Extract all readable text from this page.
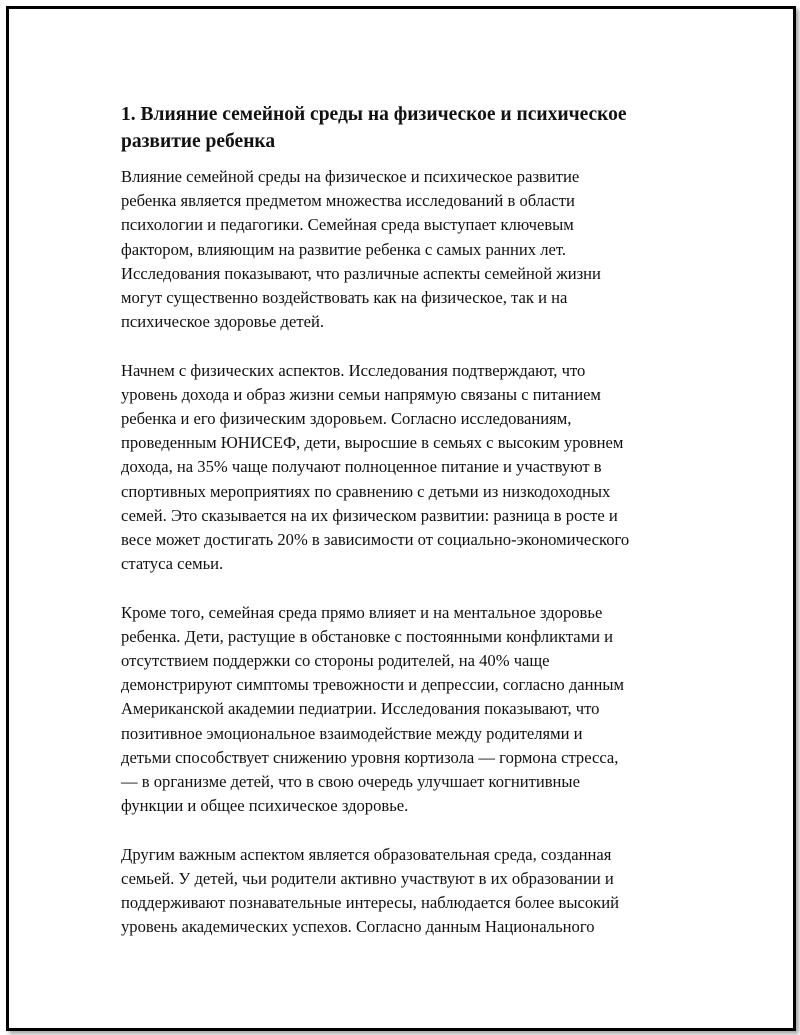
1. Влияние семейной среды на физическое и психическое
развитие ребенка

Влияние семейной среды на физическое и психическое развитие
ребенка является предметом множества исследований в области
психологии и педагогики. Семейная среда выступает ключевым
фактором, влияющим на развитие ребенка с самых ранних лет.
Исследования показывают, что различные аспекты семейной жизни
могут существенно воздействовать как на физическое, так и на
психическое здоровье детей.

Начнем с физических аспектов. Исследования подтверждают, что
уровень дохода и образ жизни семьи напрямую связаны с питанием
ребенка и его физическим здоровьем. Согласно исследованиям,
проведенным ЮНИСЕФ, дети, выросшие в семьях с высоким уровнем
дохода, на 35% чаще получают полноценное питание и участвуют в
спортивных мероприятиях по сравнению с детьми из низкодоходных
семей. Это сказывается на их физическом развитии: разница в росте и
весе может достигать 20% в зависимости от социально-экономического
статуса семьи.

Кроме того, семейная среда прямо влияет и на ментальное здоровье
ребенка. Дети, растущие в обстановке с постоянными конфликтами и
отсутствием поддержки со стороны родителей, на 40% чаще
демонстрируют симптомы тревожности и депрессии, согласно данным
Американской академии педиатрии. Исследования показывают, что
позитивное эмоциональное взаимодействие между родителями и
детьми способствует снижению уровня кортизола — гормона стресса,
— в организме детей, что в свою очередь улучшает когнитивные
функции и общее психическое здоровье.

Другим важным аспектом является образовательная среда, созданная
семьей. У детей, чьи родители активно участвуют в их образовании и
поддерживают познавательные интересы, наблюдается более высокий
уровень академических успехов. Согласно данным Национального
